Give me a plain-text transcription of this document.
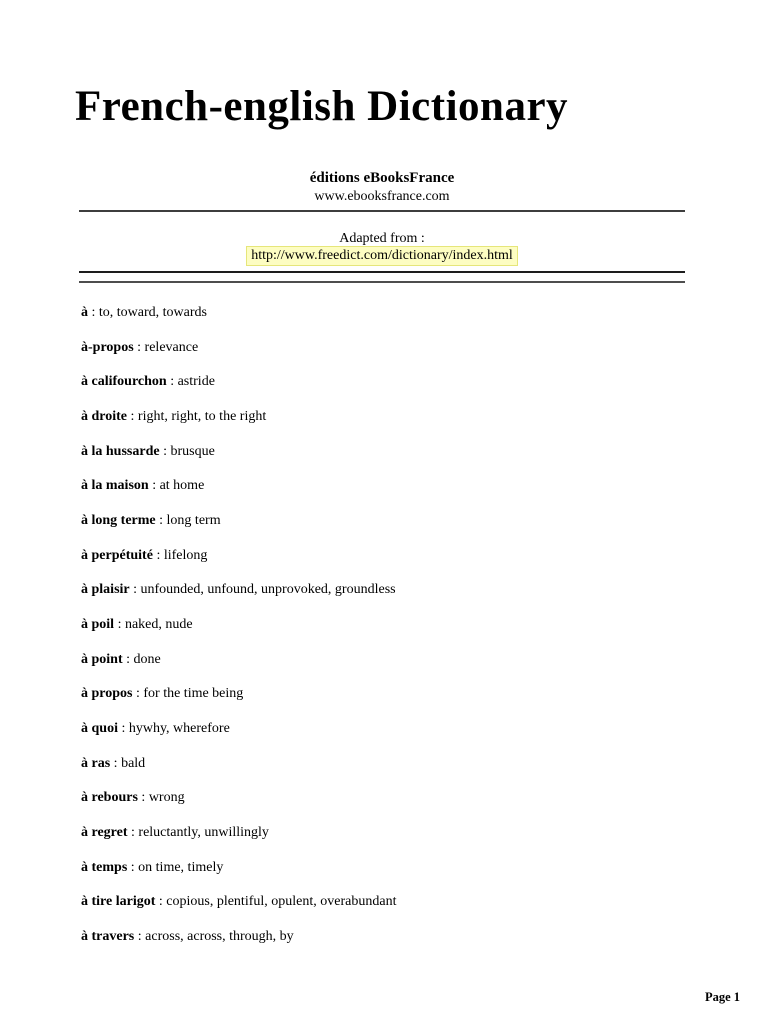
French-english Dictionary
éditions eBooksFrance
www.ebooksfrance.com
Adapted from :
http://www.freedict.com/dictionary/index.html
à : to, toward, towards
à-propos : relevance
à califourchon : astride
à droite : right, right, to the right
à la hussarde : brusque
à la maison : at home
à long terme : long term
à perpétuité : lifelong
à plaisir : unfounded, unfound, unprovoked, groundless
à poil : naked, nude
à point : done
à propos : for the time being
à quoi : hywhy, wherefore
à ras : bald
à rebours : wrong
à regret : reluctantly, unwillingly
à temps : on time, timely
à tire larigot : copious, plentiful, opulent, overabundant
à travers : across, across, through, by
Page 1
